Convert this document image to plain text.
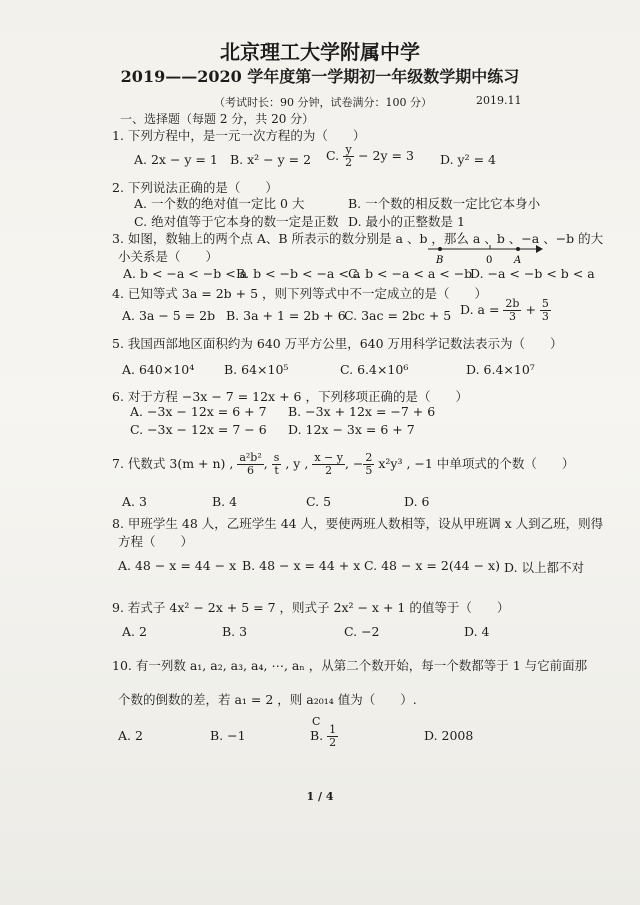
北京理工大学附属中学
2019——2020 学年度第一学期初一年级数学期中练习
（考试时长：90 分钟，试卷满分：100 分）	2019.11
一、选择题（每题 2 分，共 20 分）
1. 下列方程中，是一元一次方程的为（　　）
A. 2x − y = 1 B. x² − y = 2 C. $\frac{y}{2} - 2y = 3$ D. y² = 4
2. 下列说法正确的是（　　）
A. 一个数的绝对值一定比 0 大	B. 一个数的相反数一定比它本身小
C. 绝对值等于它本身的数一定是正数 D. 最小的正整数是 1
3. 如图，数轴上的两个点 A、B 所表示的数分别是 a 、b ，那么 a 、b 、−a 、−b 的大
小关系是（　　）	B	0 A
A. b < −a < −b < a
B. b < −b < −a < a
C. b < −a < a < −b
D. −a < −b < b < a
4. 已知等式 3a = 2b + 5 ，则下列等式中不一定成立的是（　　）
A. 3a − 5 = 2b B. 3a + 1 = 2b + 6
C. 3ac = 2bc + 5 D. $a = \frac{2b}{3} + \frac{5}{3}$
5. 我国西部地区面积约为 640 万平方公里，640 万用科学记数法表示为（　　）
A. 640×10⁴ B. 64×10⁵	C. 6.4×10⁶	D. 6.4×10⁷
6. 对于方程 −3x − 7 = 12x + 6 ，下列移项正确的是（　　）
A. −3x − 12x = 6 + 7 B. −3x + 12x = −7 + 6
C. −3x − 12x = 7 − 6 D. 12x − 3x = 6 + 7
7. 代数式 3(m + n) , $\frac{\text{a²b²}}{6}$ , $\frac{s}{t}$ , y , $\frac{x - y}{2}$ , − $\frac{2}{5} x^2y^3$ , −1 中单项式的个数（　　）
A. 3	B. 4	C. 5	D. 6
8. 甲班学生 48 人，乙班学生 44 人，要使两班人数相等，设从甲班调 x 人到乙班，则得
方程（　　）
A. 48 − x = 44 − x B. 48 − x = 44 + x C. 48 − x = 2(44 − x) D. 以上都不对
9. 若式子 4x² − 2x + 5 = 7 ，则式子 2x² − x + 1 的值等于（　　）
A. 2	B. 3	C. −2	D. 4
10. 有一列数 a₁, a₂, a₃, a₄, ⋯, aₙ ，从第二个数开始，每一个数都等于 1 与它前面那
个数的倒数的差，若 a₁ = 2 ，则 a₂₀₁₄ 值为（　　）.
A. 2	B. −1
C
B. $\frac{1}{2}$	D. 2008
1 / 4
